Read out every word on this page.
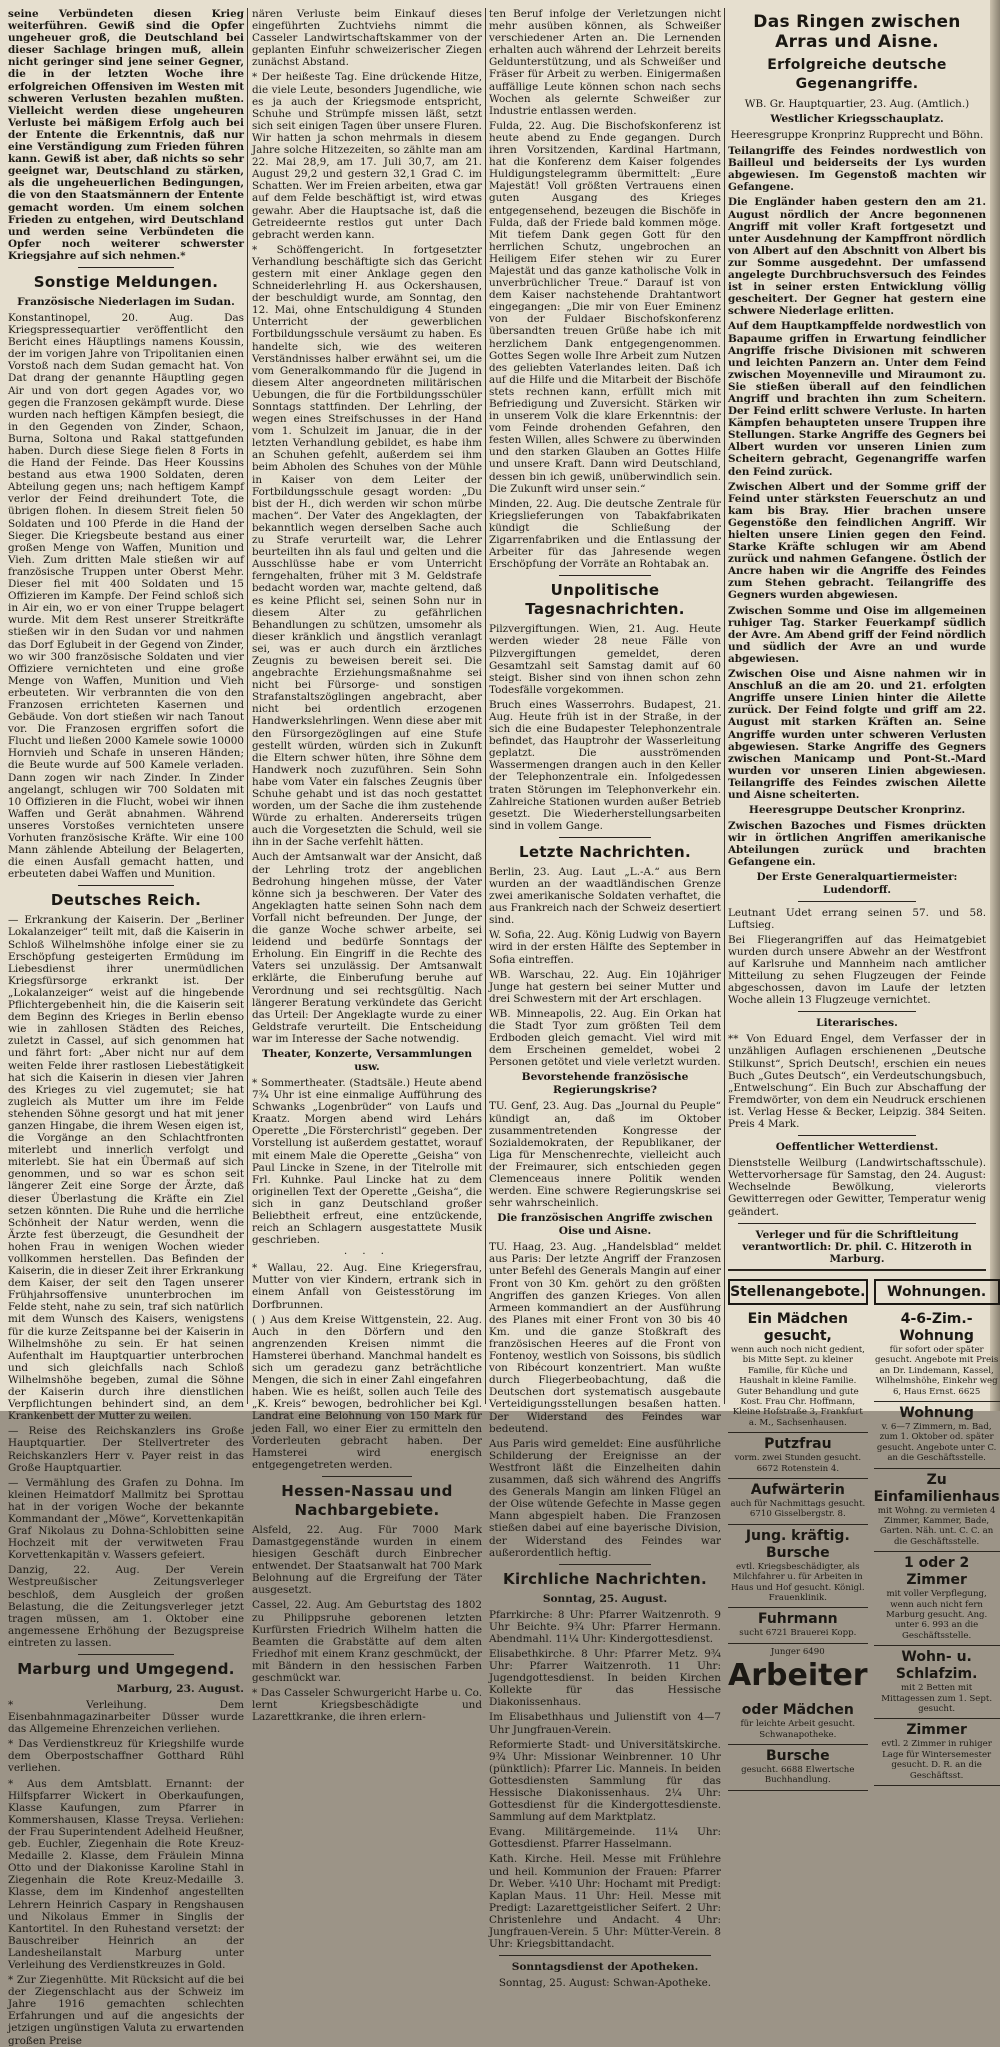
seine Verbündeten diesen Krieg weiterführen. Gewiß sind die Opfer ungeheuer groß, die Deutschland bei dieser Sachlage bringen muß, allein nicht geringer sind jene seiner Gegner, die in der letzten Woche ihre erfolgreichen Offensiven im Westen mit schweren Verlusten bezahlen mußten. Vielleicht werden diese ungeheuren Verluste bei mäßigem Erfolg auch bei der Entente die Erkenntnis, daß nur eine Verständigung zum Frieden führen kann. Gewiß ist aber, daß nichts so sehr geeignet war, Deutschland zu stärken, als die ungeheuerlichen Bedingungen, die von den Staatsmännern der Entente gemacht worden. Um einem solchen Frieden zu entgehen, wird Deutschland und werden seine Verbündeten die Opfer noch weiterer schwerster Kriegsjahre auf sich nehmen.*

Sonstige Meldungen.
Französische Niederlagen im Sudan.

Konstantinopel, 20. Aug. Das Kriegspressequartier veröffentlicht den Bericht eines Häuptlings namens Koussin, der im vorigen Jahre von Tripolitanien einen Vorstoß nach dem Sudan gemacht hat. Von Dat drang der genannte Häuptling gegen Air und von dort gegen Agades vor, wo gegen die Franzosen gekämpft wurde. Diese wurden nach heftigen Kämpfen besiegt, die in den Gegenden von Zinder, Schaon, Burna, Soltona und Rakal stattgefunden haben. Durch diese Siege fielen 8 Forts in die Hand der Feinde. Das Heer Koussins bestand aus etwa 1900 Soldaten, deren Abteilung gegen uns; nach heftigem Kampf verlor der Feind dreihundert Tote, die übrigen flohen. In diesem Streit fielen 50 Soldaten und 100 Pferde in die Hand der Sieger. Die Kriegsbeute bestand aus einer großen Menge von Waffen, Munition und Vieh. Zum dritten Male stießen wir auf französische Truppen unter Oberst Mehr. Dieser fiel mit 400 Soldaten und 15 Offizieren im Kampfe. Der Feind schloß sich in Air ein, wo er von einer Truppe belagert wurde. Mit dem Rest unserer Streitkräfte stießen wir in den Sudan vor und nahmen das Dorf Eglubeit in der Gegend von Zinder, wo wir 300 französische Soldaten und vier Offiziere vernichteten und eine große Menge von Waffen, Munition und Vieh erbeuteten. Wir verbrannten die von den Franzosen errichteten Kasernen und Gebäude. Von dort stießen wir nach Tanout vor. Die Franzosen ergriffen sofort die Flucht und ließen 2000 Kamele sowie 10000 Hornvieh und Schafe in unseren Händen; die Beute wurde auf 500 Kamele verladen. Dann zogen wir nach Zinder. In Zinder angelangt, schlugen wir 700 Soldaten mit 10 Offizieren in die Flucht, wobei wir ihnen Waffen und Gerät abnahmen. Während unseres Vorstoßes vernichteten unsere Vorhuten französische Kräfte. Wir eine 100 Mann zählende Abteilung der Belagerten, die einen Ausfall gemacht hatten, und erbeuteten dabei Waffen und Munition.

Deutsches Reich.

— Erkrankung der Kaiserin. Der „Berliner Lokalanzeiger“ teilt mit, daß die Kaiserin in Schloß Wilhelmshöhe infolge einer sie zu Erschöpfung gesteigerten Ermüdung im Liebesdienst ihrer unermüdlichen Kriegsfürsorge erkrankt ist. Der „Lokalanzeiger“ weist auf die hingebende Pflichtergebenheit hin, die die Kaiserin seit dem Beginn des Krieges in Berlin ebenso wie in zahllosen Städten des Reiches, zuletzt in Cassel, auf sich genommen hat und fährt fort: „Aber nicht nur auf dem weiten Felde ihrer rastlosen Liebestätigkeit hat sich die Kaiserin in diesen vier Jahren des Krieges zu viel zugemutet; sie hat zugleich als Mutter um ihre im Felde stehenden Söhne gesorgt und hat mit jener ganzen Hingabe, die ihrem Wesen eigen ist, die Vorgänge an den Schlachtfronten miterlebt und innerlich verfolgt und miterlebt. Sie hat ein Übermaß auf sich genommen, und so war es schon seit längerer Zeit eine Sorge der Ärzte, daß dieser Überlastung die Kräfte ein Ziel setzen könnten. Die Ruhe und die herrliche Schönheit der Natur werden, wenn die Ärzte fest überzeugt, die Gesundheit der hohen Frau in wenigen Wochen wieder vollkommen herstellen. Das Befinden der Kaiserin, die in dieser Zeit ihrer Erkrankung dem Kaiser, der seit den Tagen unserer Frühjahrsoffensive ununterbrochen im Felde steht, nahe zu sein, traf sich natürlich mit dem Wunsch des Kaisers, wenigstens für die kurze Zeitspanne bei der Kaiserin in Wilhelmshöhe zu sein. Er hat seinen Aufenthalt im Hauptquartier unterbrochen und sich gleichfalls nach Schloß Wilhelmshöhe begeben, zumal die Söhne der Kaiserin durch ihre dienstlichen Verpflichtungen behindert sind, an dem Krankenbett der Mutter zu weilen.

— Reise des Reichskanzlers ins Große Hauptquartier. Der Stellvertreter des Reichskanzlers Herr v. Payer reist in das Große Hauptquartier.

— Vermählung des Grafen zu Dohna. Im kleinen Heimatdorf Mallmitz bei Sprottau hat in der vorigen Woche der bekannte Kommandant der „Möwe“, Korvettenkapitän Graf Nikolaus zu Dohna-Schlobitten seine Hochzeit mit der verwitweten Frau Korvettenkapitän v. Wassers gefeiert.

Danzig, 22. Aug. Der Verein Westpreußischer Zeitungsverleger beschloß, dem Ausgleich der großen Belastung, die die Zeitungsverleger jetzt tragen müssen, am 1. Oktober eine angemessene Erhöhung der Bezugspreise eintreten zu lassen.

Marburg und Umgegend.
Marburg, 23. August.

* Verleihung. Dem Eisenbahnmagazinarbeiter Düsser wurde das Allgemeine Ehrenzeichen verliehen.

* Das Verdienstkreuz für Kriegshilfe wurde dem Oberpostschaffner Gotthard Rühl verliehen.

* Aus dem Amtsblatt. Ernannt: der Hilfspfarrer Wickert in Oberkaufungen, Klasse Kaufungen, zum Pfarrer in Kommershausen, Klasse Treysa. Verliehen: der Frau Superintendent Adelheid Heußner, geb. Euchler, Ziegenhain die Rote Kreuz-Medaille 2. Klasse, dem Fräulein Minna Otto und der Diakonisse Karoline Stahl in Ziegenhain die Rote Kreuz-Medaille 3. Klasse, dem im Kindenhof angestellten Lehrern Heinrich Caspary in Rengshausen und Nikolaus Emmer in Singlis der Kantortitel. In den Ruhestand versetzt: der Bauschreiber Heinrich an der Landesheilanstalt Marburg unter Verleihung des Verdienstkreuzes in Gold.

* Zur Ziegenhütte. Mit Rücksicht auf die bei der Ziegenschlacht aus der Schweiz im Jahre 1916 gemachten schlechten Erfahrungen und auf die angesichts der jetzigen ungünstigen Valuta zu erwartenden großen Preise

nären Verluste beim Einkauf dieses eingeführten Zuchtviehs nimmt die Casseler Landwirtschaftskammer von der geplanten Einfuhr schweizerischer Ziegen zunächst Abstand.

* Der heißeste Tag. Eine drückende Hitze, die viele Leute, besonders Jugendliche, wie es ja auch der Kriegsmode entspricht, Schuhe und Strümpfe missen läßt, setzt sich seit einigen Tagen über unsere Fluren. Wir hatten ja schon mehrmals in diesem Jahre solche Hitzezeiten, so zählte man am 22. Mai 28,9, am 17. Juli 30,7, am 21. August 29,2 und gestern 32,1 Grad C. im Schatten. Wer im Freien arbeiten, etwa gar auf dem Felde beschäftigt ist, wird etwas gewahr. Aber die Hauptsache ist, daß die Getreideernte restlos gut unter Dach gebracht werden kann.

* Schöffengericht. In fortgesetzter Verhandlung beschäftigte sich das Gericht gestern mit einer Anklage gegen den Schneiderlehrling H. aus Ockershausen, der beschuldigt wurde, am Sonntag, den 12. Mai, ohne Entschuldigung 4 Stunden Unterricht der gewerblichen Fortbildungsschule versäumt zu haben. Es handelte sich, wie des weiteren Verständnisses halber erwähnt sei, um die vom Generalkommando für die Jugend in diesem Alter angeordneten militärischen Uebungen, die für die Fortbildungsschüler Sonntags stattfinden. Der Lehrling, der wegen eines Streifschusses in der Hand vom 1. Schulzeit im Januar, die in der letzten Verhandlung gebildet, es habe ihm an Schuhen gefehlt, außerdem sei ihm beim Abholen des Schuhes von der Mühle in Kaiser von dem Leiter der Fortbildungsschule gesagt worden: „Du bist der H., dich werden wir schon mürbe machen“. Der Vater des Angeklagten, der bekanntlich wegen derselben Sache auch zu Strafe verurteilt war, die Lehrer beurteilten ihn als faul und gelten und die Ausschlüsse habe er vom Unterricht ferngehalten, früher mit 3 M. Geldstrafe bedacht worden war, machte geltend, daß es keine Pflicht sei, seinen Sohn nur in diesem Alter zu gefährlichen Behandlungen zu schützen, umsomehr als dieser kränklich und ängstlich veranlagt sei, was er auch durch ein ärztliches Zeugnis zu beweisen bereit sei. Die angebrachte Erziehungsmaßnahme sei nicht bei Fürsorge- und sonstigen Strafanstaltszöglingen angebracht, aber nicht bei ordentlich erzogenen Handwerkslehrlingen. Wenn diese aber mit den Fürsorgezöglingen auf eine Stufe gestellt würden, würden sich in Zukunft die Eltern schwer hüten, ihre Söhne dem Handwerk noch zuzuführen. Sein Sohn habe vom Vater ein falsches Zeugnis über Schuhe gehabt und ist das noch gestattet worden, um der Sache die ihm zustehende Würde zu erhalten. Andererseits trügen auch die Vorgesetzten die Schuld, weil sie ihn in der Sache verfehlt hätten.

Auch der Amtsanwalt war der Ansicht, daß der Lehrling trotz der angeblichen Bedrohung hingehen müsse, der Vater könne sich ja beschweren. Der Vater des Angeklagten hatte seinen Sohn nach dem Vorfall nicht befreunden. Der Junge, der die ganze Woche schwer arbeite, sei leidend und bedürfe Sonntags der Erholung. Ein Eingriff in die Rechte des Vaters sei unzulässig. Der Amtsanwalt erklärte, die Einberufung beruhe auf Verordnung und sei rechtsgültig. Nach längerer Beratung verkündete das Gericht das Urteil: Der Angeklagte wurde zu einer Geldstrafe verurteilt. Die Entscheidung war im Interesse der Sache notwendig.

Theater, Konzerte, Versammlungen usw.

* Sommertheater. (Stadtsäle.) Heute abend 7¾ Uhr ist eine einmalige Aufführung des Schwanks „Logenbrüder“ von Laufs und Kraatz. Morgen abend wird Lehárs Operette „Die Försterchristl“ gegeben. Der Vorstellung ist außerdem gestattet, worauf mit einem Male die Operette „Geisha“ von Paul Lincke in Szene, in der Titelrolle mit Frl. Kuhnke. Paul Lincke hat zu dem originellen Text der Operette „Geisha“, die sich in ganz Deutschland großer Beliebtheit erfreut, eine entzückende, reich an Schlagern ausgestattete Musik geschrieben.

· · ·

* Wallau, 22. Aug. Eine Kriegersfrau, Mutter von vier Kindern, ertrank sich in einem Anfall von Geistesstörung im Dorfbrunnen.

( ) Aus dem Kreise Wittgenstein, 22. Aug. Auch in den Dörfern und den angrenzenden Kreisen nimmt die Hamsterei überhand. Manchmal handelt es sich um geradezu ganz beträchtliche Mengen, die sich in einer Zahl eingefahren haben. Wie es heißt, sollen auch Teile des „K. Kreis“ bewogen, bedrohlicher bei Kgl. Landrat eine Belohnung von 150 Mark für jeden Fall, wo einer Eier zu ermitteln den Vorderleuten gebracht haben. Der Hamsterei wird energisch entgegengetreten werden.

Hessen-Nassau und Nachbargebiete.

Alsfeld, 22. Aug. Für 7000 Mark Damastgegenstände wurden in einem hiesigen Geschäft durch Einbrecher entwendet. Der Staatsanwalt hat 700 Mark Belohnung auf die Ergreifung der Täter ausgesetzt.

Cassel, 22. Aug. Am Geburtstag des 1802 zu Philippsruhe geborenen letzten Kurfürsten Friedrich Wilhelm hatten die Beamten die Grabstätte auf dem alten Friedhof mit einem Kranz geschmückt, der mit Bändern in den hessischen Farben geschmückt war.

* Das Casseler Schwurgericht Harbe u. Co. lernt Kriegsbeschädigte und Lazarettkranke, die ihren erlern-

ten Beruf infolge der Verletzungen nicht mehr ausüben können, als Schweißer verschiedener Arten an. Die Lernenden erhalten auch während der Lehrzeit bereits Geldunterstützung, und als Schweißer und Fräser für Arbeit zu werben. Einigermaßen auffällige Leute können schon nach sechs Wochen als gelernte Schweißer zur Industrie entlassen werden.

Fulda, 22. Aug. Die Bischofskonferenz ist heute abend zu Ende gegangen. Durch ihren Vorsitzenden, Kardinal Hartmann, hat die Konferenz dem Kaiser folgendes Huldigungstelegramm übermittelt: „Eure Majestät! Voll größten Vertrauens einen guten Ausgang des Krieges entgegensehend, bezeugen die Bischöfe in Fulda, daß der Friede bald kommen möge. Mit tiefem Dank gegen Gott für den herrlichen Schutz, ungebrochen an Heiligem Eifer stehen wir zu Eurer Majestät und das ganze katholische Volk in unverbrüchlicher Treue.“ Darauf ist von dem Kaiser nachstehende Drahtantwort eingegangen: „Die mir von Euer Eminenz von der Fuldaer Bischofskonferenz übersandten treuen Grüße habe ich mit herzlichem Dank entgegengenommen. Gottes Segen wolle Ihre Arbeit zum Nutzen des geliebten Vaterlandes leiten. Daß ich auf die Hilfe und die Mitarbeit der Bischöfe stets rechnen kann, erfüllt mich mit Befriedigung und Zuversicht. Stärken wir in unserem Volk die klare Erkenntnis: der vom Feinde drohenden Gefahren, den festen Willen, alles Schwere zu überwinden und den starken Glauben an Gottes Hilfe und unsere Kraft. Dann wird Deutschland, dessen bin ich gewiß, unüberwindlich sein. Die Zukunft wird unser sein.“

Minden, 22. Aug. Die deutsche Zentrale für Kriegslieferungen von Tabakfabrikaten kündigt die Schließung der Zigarrenfabriken und die Entlassung der Arbeiter für das Jahresende wegen Erschöpfung der Vorräte an Rohtabak an.

Unpolitische Tagesnachrichten.

Pilzvergiftungen. Wien, 21. Aug. Heute werden wieder 28 neue Fälle von Pilzvergiftungen gemeldet, deren Gesamtzahl seit Samstag damit auf 60 steigt. Bisher sind von ihnen schon zehn Todesfälle vorgekommen.

Bruch eines Wasserrohrs. Budapest, 21. Aug. Heute früh ist in der Straße, in der sich die eine Budapester Telephonzentrale befindet, das Hauptrohr der Wasserleitung geplatzt. Die ausströmenden Wassermengen drangen auch in den Keller der Telephonzentrale ein. Infolgedessen traten Störungen im Telephonverkehr ein. Zahlreiche Stationen wurden außer Betrieb gesetzt. Die Wiederherstellungsarbeiten sind in vollem Gange.

Letzte Nachrichten.

Berlin, 23. Aug. Laut „L.-A.“ aus Bern wurden an der waadtländischen Grenze zwei amerikanische Soldaten verhaftet, die aus Frankreich nach der Schweiz desertiert sind.

W. Sofia, 22. Aug. König Ludwig von Bayern wird in der ersten Hälfte des September in Sofia eintreffen.

WB. Warschau, 22. Aug. Ein 10jähriger Junge hat gestern bei seiner Mutter und drei Schwestern mit der Art erschlagen.

WB. Minneapolis, 22. Aug. Ein Orkan hat die Stadt Tyor zum größten Teil dem Erdboden gleich gemacht. Viel wird mit dem Erscheinen gemeldet, wobei 2 Personen getötet und viele verletzt wurden.

Bevorstehende französische Regierungskrise?

TU. Genf, 23. Aug. Das „Journal du Peuple“ kündigt an, daß im Oktober zusammentretenden Kongresse der Sozialdemokraten, der Republikaner, der Liga für Menschenrechte, vielleicht auch der Freimaurer, sich entschieden gegen Clemenceaus innere Politik wenden werden. Eine schwere Regierungskrise sei sehr wahrscheinlich.

Die französischen Angriffe zwischen Oise und Aisne.

TU. Haag, 23. Aug. „Handelsblad“ meldet aus Paris: Der letzte Angriff der Franzosen unter Befehl des Generals Mangin auf einer Front von 30 Km. gehört zu den größten Angriffen des ganzen Krieges. Von allen Armeen kommandiert an der Ausführung des Planes mit einer Front von 30 bis 40 Km. und die ganze Stoßkraft des französischen Heeres auf die Front von Fontenoy, westlich von Soissons, bis südlich von Ribécourt konzentriert. Man wußte durch Fliegerbeobachtung, daß die Deutschen dort systematisch ausgebaute Verteidigungsstellungen besaßen hatten. Der Widerstand des Feindes war bedeutend.

Aus Paris wird gemeldet: Eine ausführliche Schilderung der Ereignisse an der Westfront läßt die Einzelheiten dahin zusammen, daß sich während des Angriffs des Generals Mangin am linken Flügel an der Oise wütende Gefechte in Masse gegen Mann abgespielt haben. Die Franzosen stießen dabei auf eine bayerische Division, der Widerstand des Feindes war außerordentlich heftig.

Kirchliche Nachrichten.
Sonntag, 25. August.

Pfarrkirche: 8 Uhr: Pfarrer Waitzenroth. 9 Uhr Beichte. 9¾ Uhr: Pfarrer Hermann. Abendmahl. 11¼ Uhr: Kindergottesdienst.

Elisabethkirche. 8 Uhr: Pfarrer Metz. 9¾ Uhr: Pfarrer Waitzenroth. 11 Uhr: Jugendgottesdienst. In beiden Kirchen Kollekte für das Hessische Diakonissenhaus.

Im Elisabethhaus und Julienstift von 4—7 Uhr Jungfrauen-Verein.

Reformierte Stadt- und Universitätskirche. 9¾ Uhr: Missionar Weinbrenner. 10 Uhr (pünktlich): Pfarrer Lic. Manneis. In beiden Gottesdiensten Sammlung für das Hessische Diakonissenhaus. 2¼ Uhr: Gottesdienst für die Kindergottesdienste. Sammlung auf dem Marktplatz.

Evang. Militärgemeinde. 11¼ Uhr: Gottesdienst. Pfarrer Hasselmann.

Kath. Kirche. Heil. Messe mit Frühlehre und heil. Kommunion der Frauen: Pfarrer Dr. Weber. ¼10 Uhr: Hochamt mit Predigt: Kaplan Maus. 11 Uhr: Heil. Messe mit Predigt: Lazarettgeistlicher Seifert. 2 Uhr: Christenlehre und Andacht. 4 Uhr: Jungfrauen-Verein. 5 Uhr: Mütter-Verein. 8 Uhr: Kriegsbittandacht.

Sonntagsdienst der Apotheken.

Sonntag, 25. August: Schwan-Apotheke.

Das Ringen zwischen Arras und Aisne.
Erfolgreiche deutsche Gegenangriffe.

WB. Gr. Hauptquartier, 23. Aug. (Amtlich.)

Westlicher Kriegsschauplatz.
Heeresgruppe Kronprinz Rupprecht und Böhn.

Teilangriffe des Feindes nordwestlich von Bailleul und beiderseits der Lys wurden abgewiesen. Im Gegenstoß machten wir Gefangene.

Die Engländer haben gestern den am 21. August nördlich der Ancre begonnenen Angriff mit voller Kraft fortgesetzt und unter Ausdehnung der Kampffront nördlich von Albert auf den Abschnitt von Albert bis zur Somme ausgedehnt. Der umfassend angelegte Durchbruchsversuch des Feindes ist in seiner ersten Entwicklung völlig gescheitert. Der Gegner hat gestern eine schwere Niederlage erlitten.

Auf dem Hauptkampffelde nordwestlich von Bapaume griffen in Erwartung feindlicher Angriffe frische Divisionen mit schweren und leichten Panzern an. Unter dem Feind zwischen Moyenneville und Miraumont zu. Sie stießen überall auf den feindlichen Angriff und brachten ihn zum Scheitern. Der Feind erlitt schwere Verluste. In harten Kämpfen behaupteten unsere Truppen ihre Stellungen. Starke Angriffe des Gegners bei Albert wurden vor unseren Linien zum Scheitern gebracht, Gegenangriffe warfen den Feind zurück.

Zwischen Albert und der Somme griff der Feind unter stärksten Feuerschutz an und kam bis Bray. Hier brachen unsere Gegenstöße den feindlichen Angriff. Wir hielten unsere Linien gegen den Feind. Starke Kräfte schlugen wir am Abend zurück und nahmen Gefangene. Östlich der Ancre haben wir die Angriffe des Feindes zum Stehen gebracht. Teilangriffe des Gegners wurden abgewiesen.

Zwischen Somme und Oise im allgemeinen ruhiger Tag. Starker Feuerkampf südlich der Avre. Am Abend griff der Feind nördlich und südlich der Avre an und wurde abgewiesen.

Zwischen Oise und Aisne nahmen wir in Anschluß an die am 20. und 21. erfolgten Angriffe unsere Linien hinter die Ailette zurück. Der Feind folgte und griff am 22. August mit starken Kräften an. Seine Angriffe wurden unter schweren Verlusten abgewiesen. Starke Angriffe des Gegners zwischen Manicamp und Pont-St.-Mard wurden vor unseren Linien abgewiesen. Teilangriffe des Feindes zwischen Ailette und Aisne scheiterten.

Heeresgruppe Deutscher Kronprinz.

Zwischen Bazoches und Fismes drückten wir in örtlichen Angriffen amerikanische Abteilungen zurück und brachten Gefangene ein.

Der Erste Generalquartiermeister: Ludendorff.

Leutnant Udet errang seinen 57. und 58. Luftsieg.

Bei Fliegerangriffen auf das Heimatgebiet wurden durch unsere Abwehr an der Westfront auf Karlsruhe und Mannheim nach amtlicher Mitteilung zu sehen Flugzeugen der Feinde abgeschossen, davon im Laufe der letzten Woche allein 13 Flugzeuge vernichtet.

Literarisches.

** Von Eduard Engel, dem Verfasser der in unzähligen Auflagen erschienenen „Deutsche Stilkunst“, Sprich Deutsch!, erschien ein neues Buch „Gutes Deutsch“, ein Verdeutschungsbuch, „Entwelschung“. Ein Buch zur Abschaffung der Fremdwörter, von dem ein Neudruck erschienen ist. Verlag Hesse & Becker, Leipzig. 384 Seiten. Preis 4 Mark.

Oeffentlicher Wetterdienst.

Dienststelle Weilburg (Landwirtschaftsschule). Wettervorhersage für Samstag, den 24. August: Wechselnde Bewölkung, vielerorts Gewitterregen oder Gewitter, Temperatur wenig geändert.

Verleger und für die Schriftleitung verantwortlich: Dr. phil. C. Hitzeroth in Marburg.

Stellenangebote.
Ein Mädchen gesucht,
wenn auch noch nicht gedient, bis Mitte Sept. zu kleiner Familie, für Küche und Haushalt in kleine Familie. Guter Behandlung und gute Kost. Frau Chr. Hoffmann, Kleine Hofstraße 3, Frankfurt a. M., Sachsenhausen.
Putzfrau
vorm. zwei Stunden gesucht. 6672 Rotenstein 4.
Aufwärterin
auch für Nachmittags gesucht. 6710 Gisselbergstr. 8.
Jung. kräftig. Bursche
evtl. Kriegsbeschädigter, als Milchfahrer u. für Arbeiten in Haus und Hof gesucht. Königl. Frauenklinik.
Fuhrmann
sucht 6721 Brauerei Kopp.
Junger 6490
Arbeiter
oder Mädchen
für leichte Arbeit gesucht. Schwanapotheke.
Bursche
gesucht. 6688 Elwertsche Buchhandlung.
Wohnungen.
4-6-Zim.-Wohnung
für sofort oder später gesucht. Angebote mit Preis an Dr. Lindemann, Kassel, Wilhelmshöhe, Einkehr weg 6, Haus Ernst. 6625
Wohnung
v. 6—7 Zimmern, m. Bad, zum 1. Oktober od. später gesucht. Angebote unter C. an die Geschäftsstelle.
Zu Einfamilienhaus
mit Wohng. zu vermieten 4 Zimmer, Kammer, Bade, Garten. Näh. unt. C. C. an die Geschäftsstelle.
1 oder 2 Zimmer
mit voller Verpflegung, wenn auch nicht fern Marburg gesucht. Ang. unter 6. 993 an die Geschäftsstelle.
Wohn- u. Schlafzim.
mit 2 Betten mit Mittagessen zum 1. Sept. gesucht.
Zimmer
evtl. 2 Zimmer in ruhiger Lage für Wintersemester gesucht. D. R. an die Geschäftsst.
